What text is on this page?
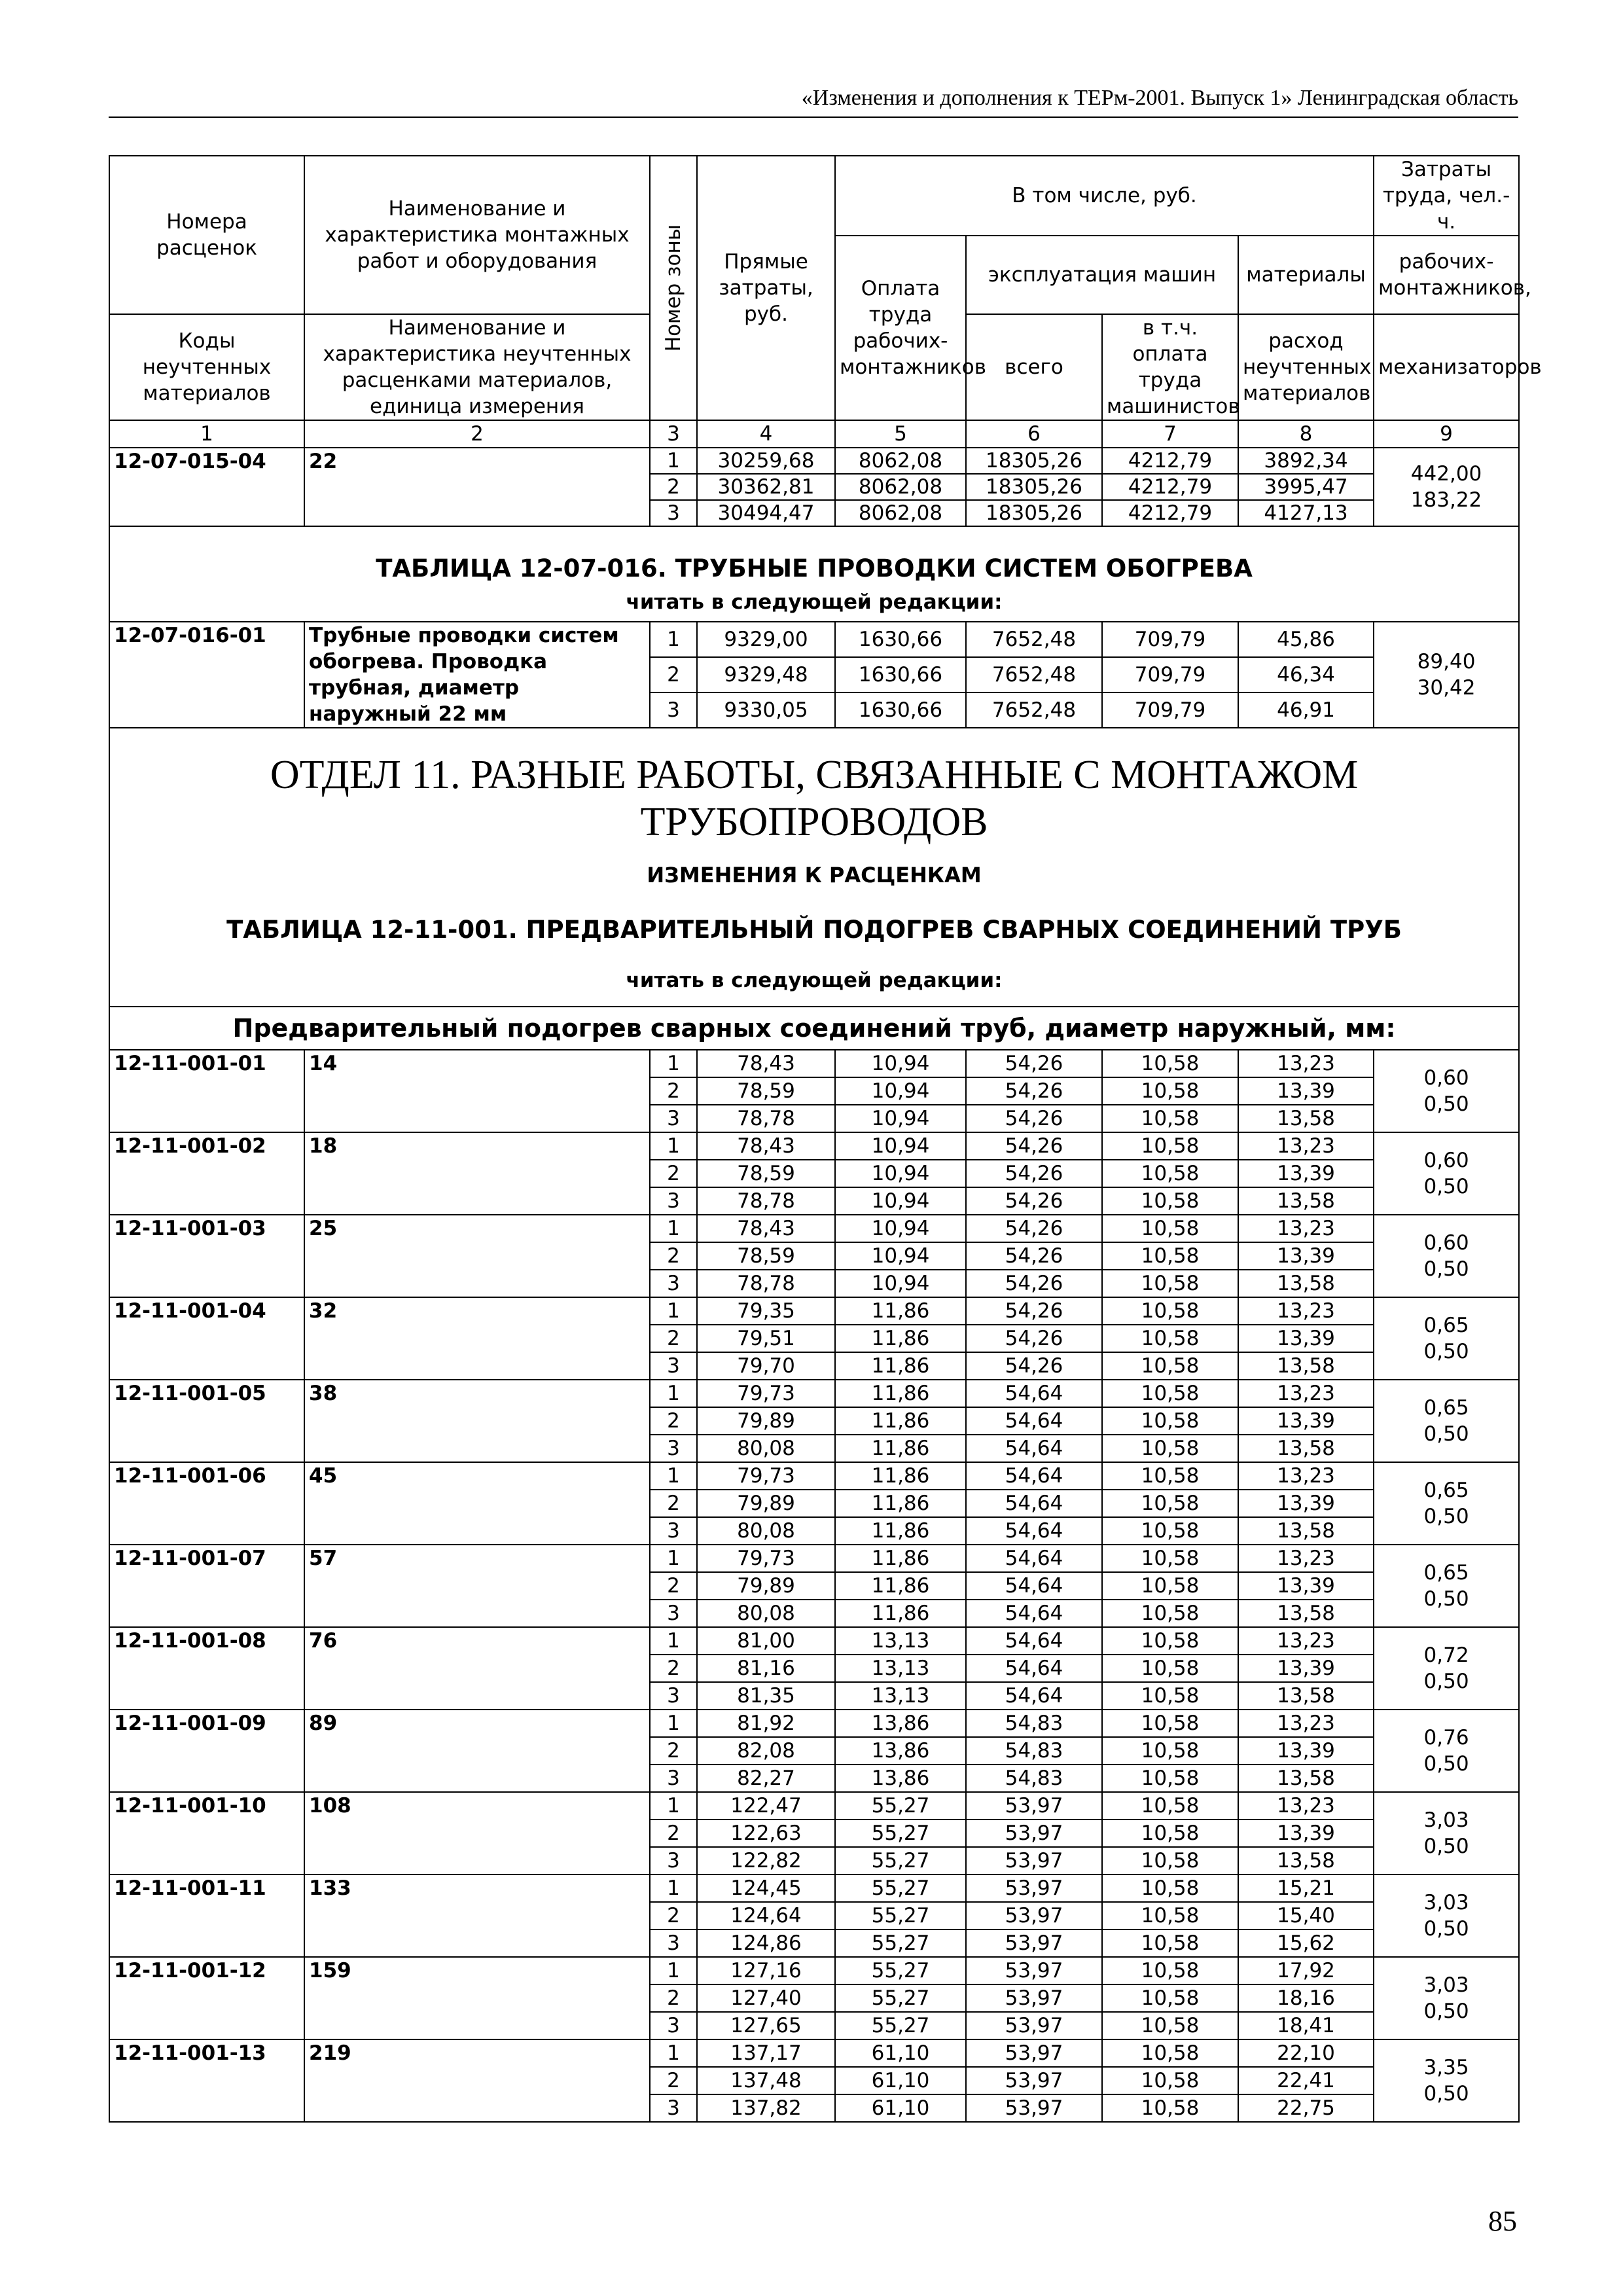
«Изменения и дополнения к ТЕРм-2001. Выпуск 1» Ленинградская область
Номера расценок	Наименование и характеристика монтажных работ и оборудования	Номер зоны	Прямые затраты, руб.	В том числе, руб.				Затраты труда, чел.-ч.
				Оплата труда рабочих-монтажников	эксплуатация машин		материалы	рабочих-монтажников,
Коды неучтенных материалов	Наименование и характеристика неучтенных расценками материалов, единица измерения				всего	в т.ч. оплата труда машинистов	расход неучтенных материалов	механизаторов
1	2	3	4	5	6	7	8	9
12-07-015-04	22	1	30259,68	8062,08	18305,26	4212,79	3892,34	442,00
183,22

		2	30362,81	8062,08	18305,26	4212,79	3995,47	
		3	30494,47	8062,08	18305,26	4212,79	4127,13	
ТАБЛИЦА 12-07-016. ТРУБНЫЕ ПРОВОДКИ СИСТЕМ ОБОГРЕВА								
читать в следующей редакции:								
12-07-016-01	Трубные проводки систем обогрева. Проводка трубная, диаметр наружный 22 мм	1	9329,00	1630,66	7652,48	709,79	45,86	89,40
30,42

		2	9329,48	1630,66	7652,48	709,79	46,34	
		3	9330,05	1630,66	7652,48	709,79	46,91	

ОТДЕЛ 11. РАЗНЫЕ РАБОТЫ, СВЯЗАННЫЕ С МОНТАЖОМ
ТРУБОПРОВОДОВ								

ИЗМЕНЕНИЯ К РАСЦЕНКАМ								
ТАБЛИЦА 12-11-001. ПРЕДВАРИТЕЛЬНЫЙ ПОДОГРЕВ СВАРНЫХ СОЕДИНЕНИЙ ТРУБ								
читать в следующей редакции:								
Предварительный подогрев сварных соединений труб, диаметр наружный, мм:								
12-11-001-01	14	1	78,43	10,94	54,26	10,58	13,23	0,60
0,50

		2	78,59	10,94	54,26	10,58	13,39	
		3	78,78	10,94	54,26	10,58	13,58	
12-11-001-02	18	1	78,43	10,94	54,26	10,58	13,23	0,60
0,50

		2	78,59	10,94	54,26	10,58	13,39	
		3	78,78	10,94	54,26	10,58	13,58	
12-11-001-03	25	1	78,43	10,94	54,26	10,58	13,23	0,60
0,50

		2	78,59	10,94	54,26	10,58	13,39	
		3	78,78	10,94	54,26	10,58	13,58	
12-11-001-04	32	1	79,35	11,86	54,26	10,58	13,23	0,65
0,50

		2	79,51	11,86	54,26	10,58	13,39	
		3	79,70	11,86	54,26	10,58	13,58	
12-11-001-05	38	1	79,73	11,86	54,64	10,58	13,23	0,65
0,50

		2	79,89	11,86	54,64	10,58	13,39	
		3	80,08	11,86	54,64	10,58	13,58	
12-11-001-06	45	1	79,73	11,86	54,64	10,58	13,23	0,65
0,50

		2	79,89	11,86	54,64	10,58	13,39	
		3	80,08	11,86	54,64	10,58	13,58	
12-11-001-07	57	1	79,73	11,86	54,64	10,58	13,23	0,65
0,50

		2	79,89	11,86	54,64	10,58	13,39	
		3	80,08	11,86	54,64	10,58	13,58	
12-11-001-08	76	1	81,00	13,13	54,64	10,58	13,23	0,72
0,50

		2	81,16	13,13	54,64	10,58	13,39	
		3	81,35	13,13	54,64	10,58	13,58	
12-11-001-09	89	1	81,92	13,86	54,83	10,58	13,23	0,76
0,50

		2	82,08	13,86	54,83	10,58	13,39	
		3	82,27	13,86	54,83	10,58	13,58	
12-11-001-10	108	1	122,47	55,27	53,97	10,58	13,23	3,03
0,50

		2	122,63	55,27	53,97	10,58	13,39	
		3	122,82	55,27	53,97	10,58	13,58	
12-11-001-11	133	1	124,45	55,27	53,97	10,58	15,21	3,03
0,50

		2	124,64	55,27	53,97	10,58	15,40	
		3	124,86	55,27	53,97	10,58	15,62	
12-11-001-12	159	1	127,16	55,27	53,97	10,58	17,92	3,03
0,50

		2	127,40	55,27	53,97	10,58	18,16	
		3	127,65	55,27	53,97	10,58	18,41	
12-11-001-13	219	1	137,17	61,10	53,97	10,58	22,10	3,35
0,50

		2	137,48	61,10	53,97	10,58	22,41	
		3	137,82	61,10	53,97	10,58	22,75	
85
